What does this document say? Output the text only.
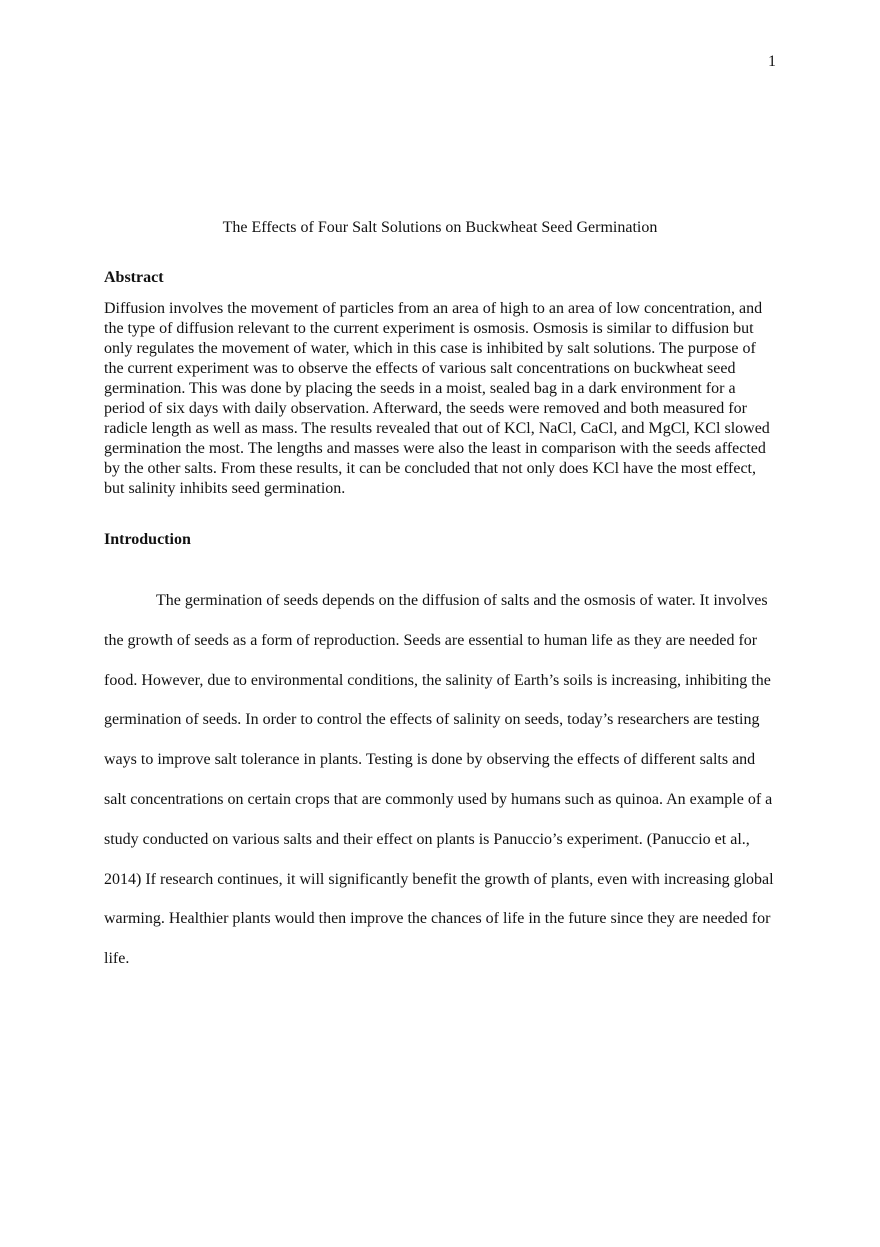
1
The Effects of Four Salt Solutions on Buckwheat Seed Germination
Abstract

Diffusion involves the movement of particles from an area of high to an area of low concentration, and the type of diffusion relevant to the current experiment is osmosis. Osmosis is similar to diffusion but only regulates the movement of water, which in this case is inhibited by salt solutions. The purpose of the current experiment was to observe the effects of various salt concentrations on buckwheat seed germination. This was done by placing the seeds in a moist, sealed bag in a dark environment for a period of six days with daily observation. Afterward, the seeds were removed and both measured for radicle length as well as mass. The results revealed that out of KCl, NaCl, CaCl, and MgCl, KCl slowed germination the most. The lengths and masses were also the least in comparison with the seeds affected by the other salts. From these results, it can be concluded that not only does KCl have the most effect, but salinity inhibits seed germination.

Introduction

The germination of seeds depends on the diffusion of salts and the osmosis of water. It involves the growth of seeds as a form of reproduction. Seeds are essential to human life as they are needed for food. However, due to environmental conditions, the salinity of Earth’s soils is increasing, inhibiting the germination of seeds. In order to control the effects of salinity on seeds, today’s researchers are testing ways to improve salt tolerance in plants. Testing is done by observing the effects of different salts and salt concentrations on certain crops that are commonly used by humans such as quinoa. An example of a study conducted on various salts and their effect on plants is Panuccio’s experiment. (Panuccio et al., 2014) If research continues, it will significantly benefit the growth of plants, even with increasing global warming. Healthier plants would then improve the chances of life in the future since they are needed for life.
